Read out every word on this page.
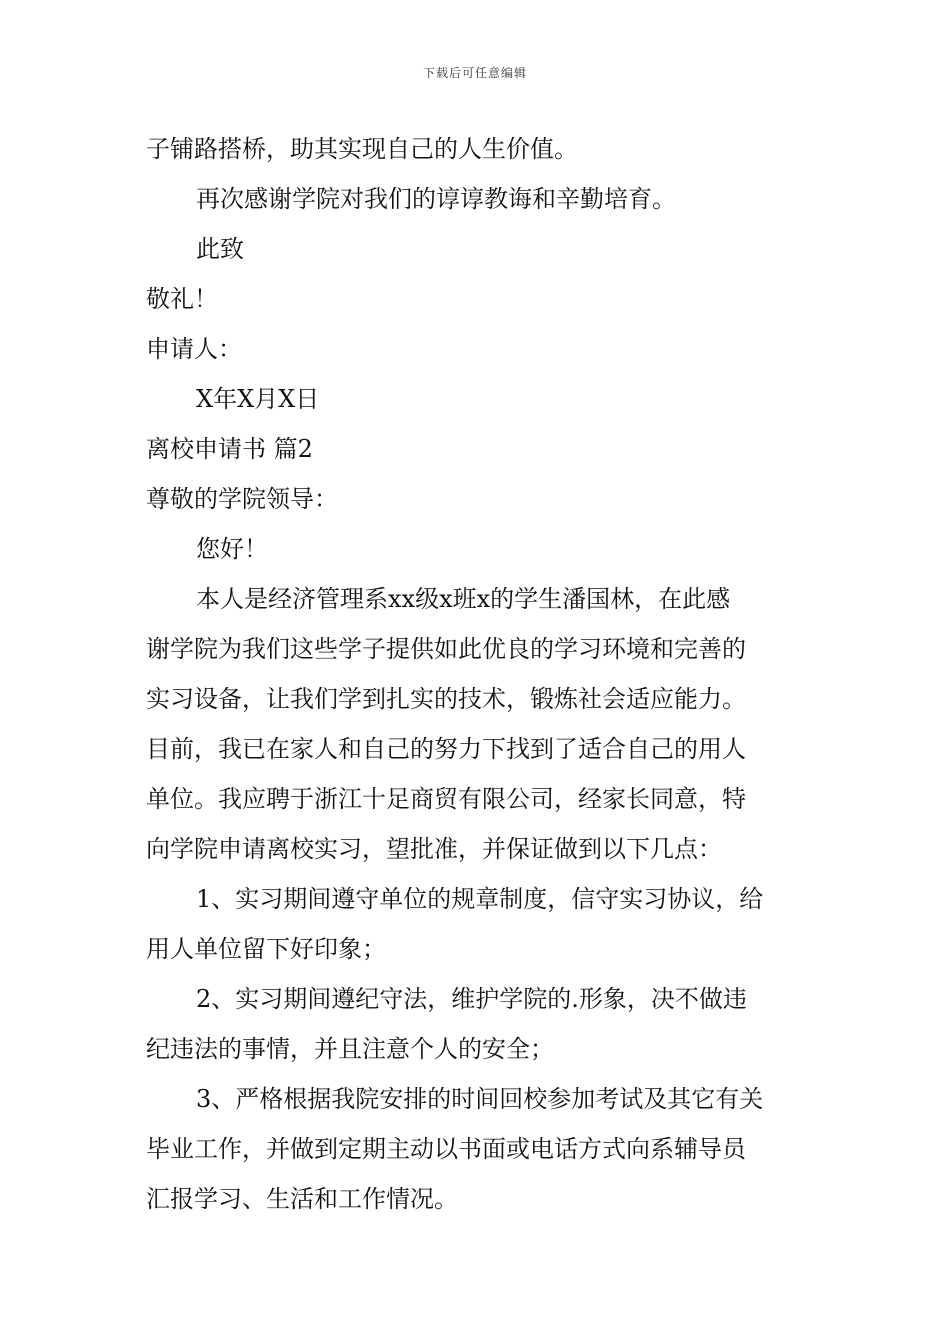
下载后可任意编辑
子铺路搭桥，助其实现自己的人生价值。
再次感谢学院对我们的谆谆教诲和辛勤培育。
此致
敬礼！
申请人：
X年X月X日
离校申请书 篇2
尊敬的学院领导：
您好！
本人是经济管理系xx级x班x的学生潘国林，在此感
谢学院为我们这些学子提供如此优良的学习环境和完善的
实习设备，让我们学到扎实的技术，锻炼社会适应能力。
目前，我已在家人和自己的努力下找到了适合自己的用人
单位。我应聘于浙江十足商贸有限公司，经家长同意，特
向学院申请离校实习，望批准，并保证做到以下几点：
1、实习期间遵守单位的规章制度，信守实习协议，给
用人单位留下好印象；
2、实习期间遵纪守法，维护学院的.形象，决不做违
纪违法的事情，并且注意个人的安全；
3、严格根据我院安排的时间回校参加考试及其它有关
毕业工作，并做到定期主动以书面或电话方式向系辅导员
汇报学习、生活和工作情况。
